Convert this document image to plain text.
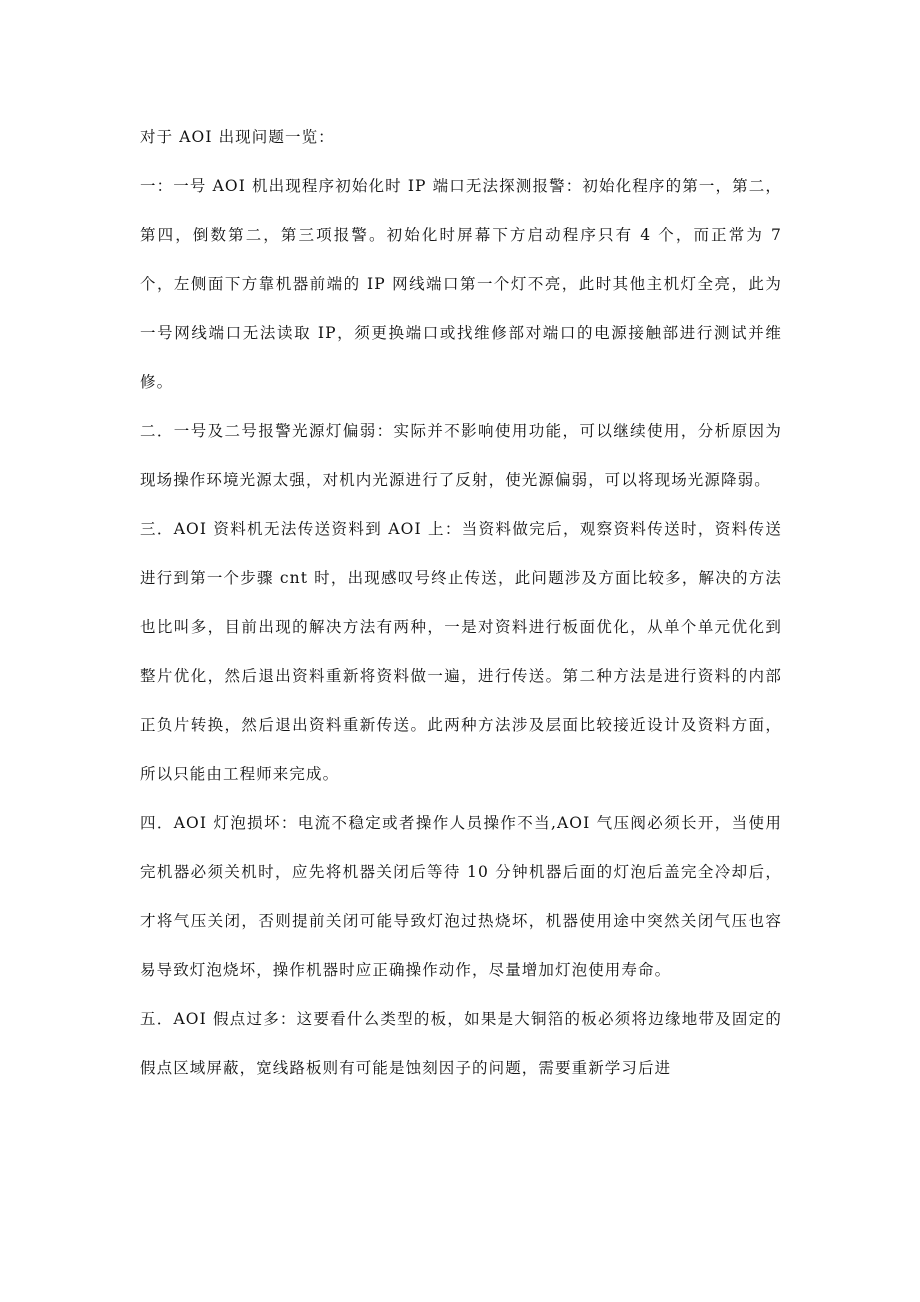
对于 AOI 出现问题一览：

一：一号 AOI 机出现程序初始化时 IP 端口无法探测报警：初始化程序的第一，第二，第四，倒数第二，第三项报警。初始化时屏幕下方启动程序只有 4 个，而正常为 7 个，左侧面下方靠机器前端的 IP 网线端口第一个灯不亮，此时其他主机灯全亮，此为一号网线端口无法读取 IP，须更换端口或找维修部对端口的电源接触部进行测试并维修。

二．一号及二号报警光源灯偏弱：实际并不影响使用功能，可以继续使用，分析原因为现场操作环境光源太强，对机内光源进行了反射，使光源偏弱，可以将现场光源降弱。

三．AOI 资料机无法传送资料到 AOI 上：当资料做完后，观察资料传送时，资料传送进行到第一个步骤 cnt 时，出现感叹号终止传送，此问题涉及方面比较多，解决的方法也比叫多，目前出现的解决方法有两种，一是对资料进行板面优化，从单个单元优化到整片优化，然后退出资料重新将资料做一遍，进行传送。第二种方法是进行资料的内部正负片转换，然后退出资料重新传送。此两种方法涉及层面比较接近设计及资料方面，所以只能由工程师来完成。

四．AOI 灯泡损坏：电流不稳定或者操作人员操作不当,AOI 气压阀必须长开，当使用完机器必须关机时，应先将机器关闭后等待 10 分钟机器后面的灯泡后盖完全冷却后，才将气压关闭，否则提前关闭可能导致灯泡过热烧坏，机器使用途中突然关闭气压也容易导致灯泡烧坏，操作机器时应正确操作动作，尽量增加灯泡使用寿命。

五．AOI 假点过多：这要看什么类型的板，如果是大铜箔的板必须将边缘地带及固定的假点区域屏蔽，宽线路板则有可能是蚀刻因子的问题，需要重新学习后进
